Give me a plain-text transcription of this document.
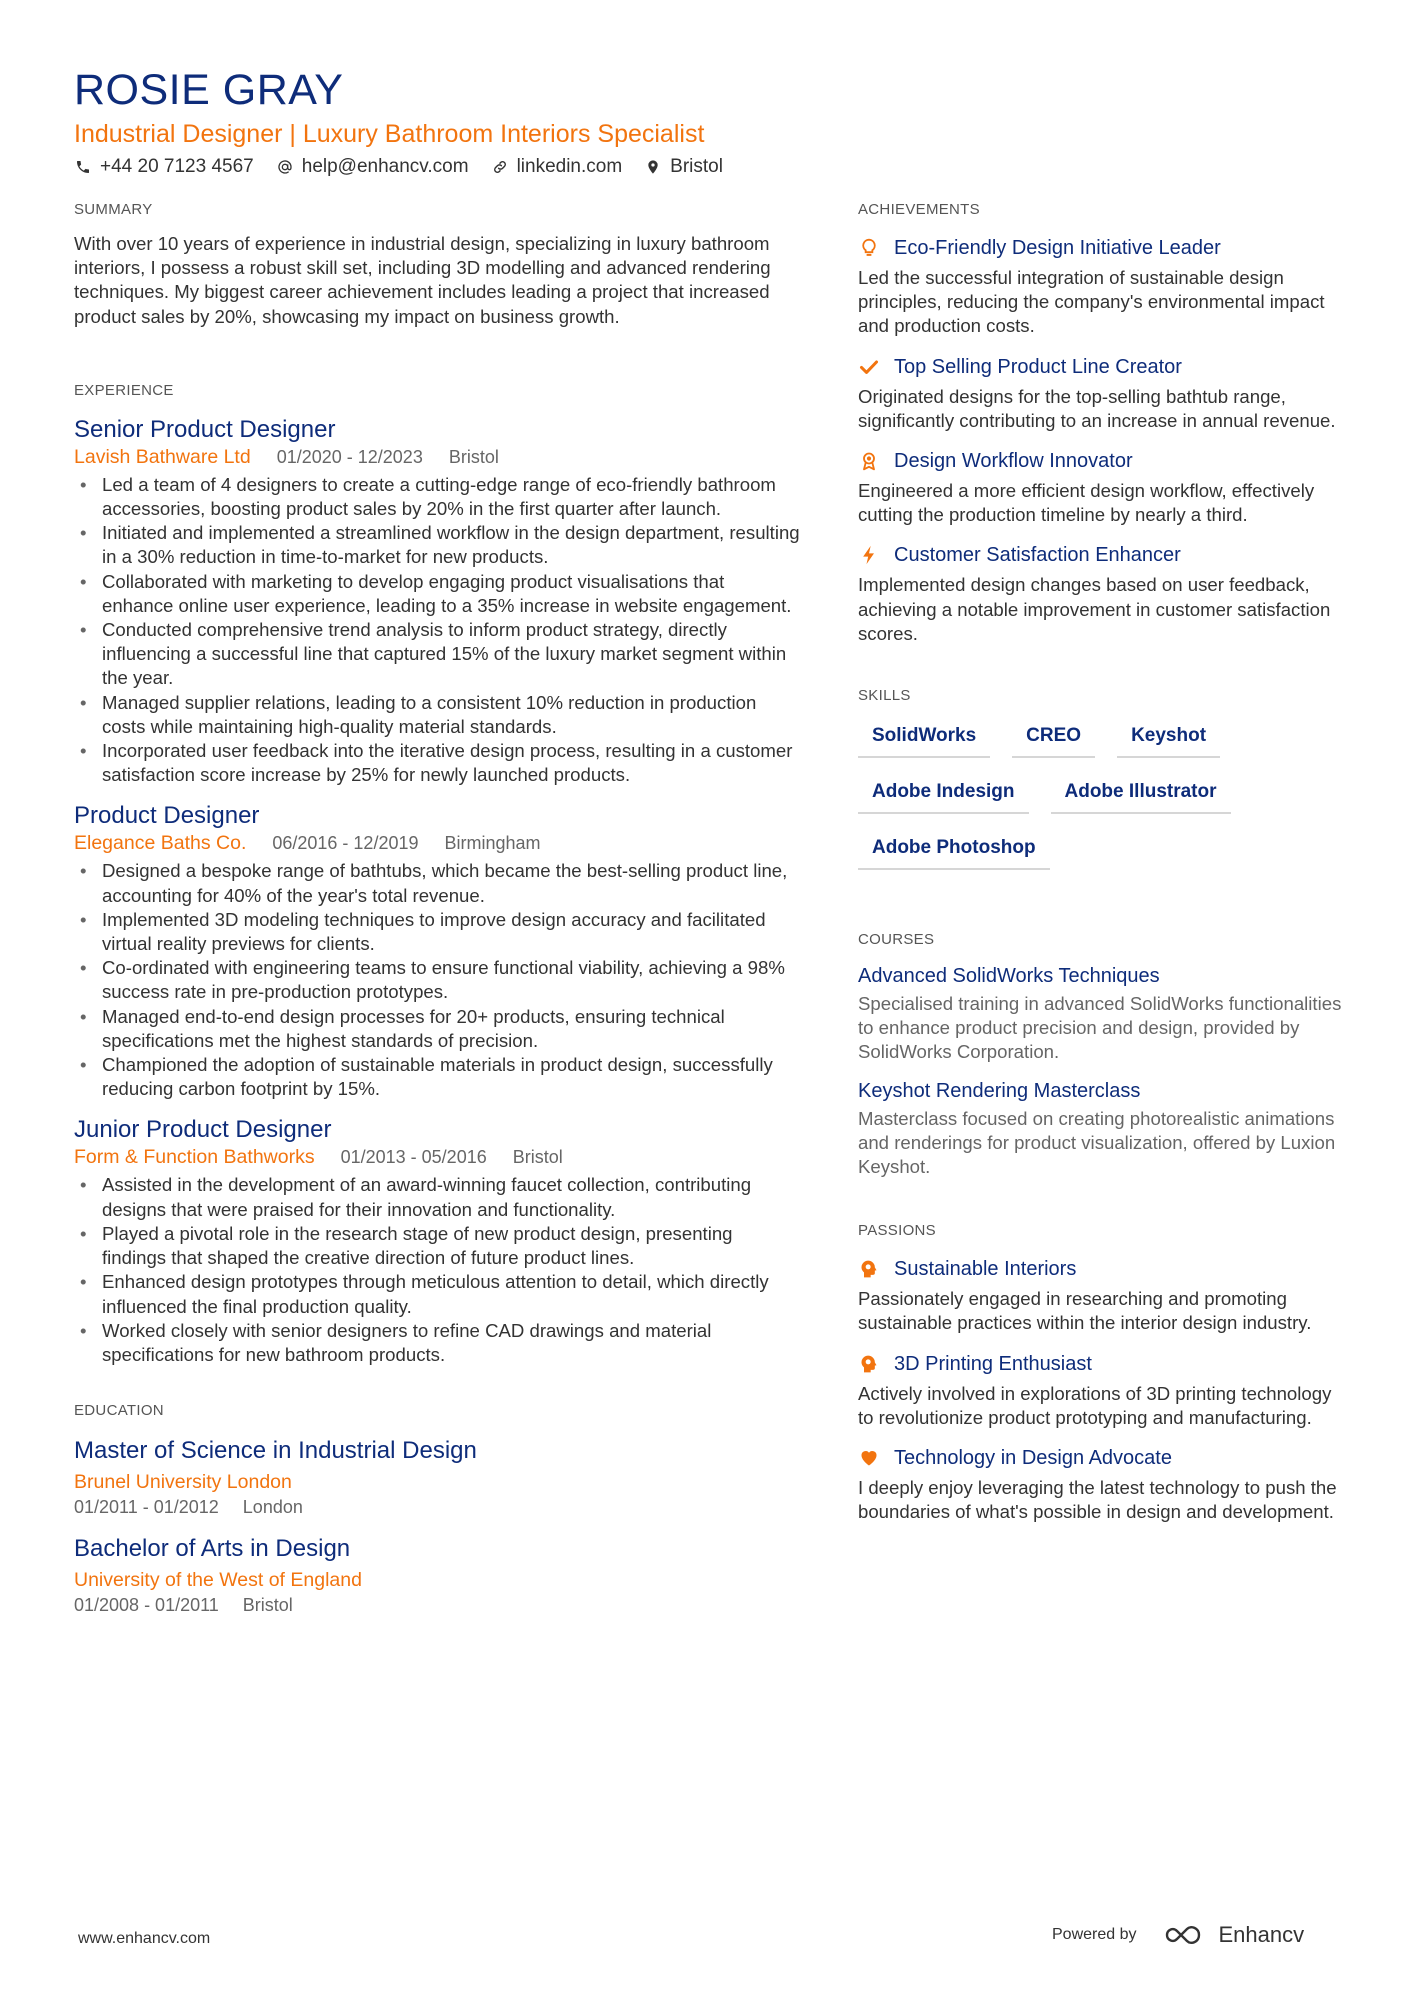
ROSIE GRAY
Industrial Designer | Luxury Bathroom Interiors Specialist
+44 20 7123 4567	help@enhancv.com	linkedin.com	Bristol
SUMMARY
With over 10 years of experience in industrial design, specializing in luxury bathroom interiors, I possess a robust skill set, including 3D modelling and advanced rendering techniques. My biggest career achievement includes leading a project that increased product sales by 20%, showcasing my impact on business growth.
EXPERIENCE
Senior Product Designer
Lavish Bathware Ltd 01/2020 - 12/2023 Bristol
• Led a team of 4 designers to create a cutting-edge range of eco-friendly bathroom accessories, boosting product sales by 20% in the first quarter after launch.
• Initiated and implemented a streamlined workflow in the design department, resulting in a 30% reduction in time-to-market for new products.
• Collaborated with marketing to develop engaging product visualisations that enhance online user experience, leading to a 35% increase in website engagement.
• Conducted comprehensive trend analysis to inform product strategy, directly influencing a successful line that captured 15% of the luxury market segment within the year.
• Managed supplier relations, leading to a consistent 10% reduction in production costs while maintaining high-quality material standards.
• Incorporated user feedback into the iterative design process, resulting in a customer satisfaction score increase by 25% for newly launched products.
Product Designer
Elegance Baths Co. 06/2016 - 12/2019 Birmingham
• Designed a bespoke range of bathtubs, which became the best-selling product line, accounting for 40% of the year's total revenue.
• Implemented 3D modeling techniques to improve design accuracy and facilitated virtual reality previews for clients.
• Co-ordinated with engineering teams to ensure functional viability, achieving a 98% success rate in pre-production prototypes.
• Managed end-to-end design processes for 20+ products, ensuring technical specifications met the highest standards of precision.
• Championed the adoption of sustainable materials in product design, successfully reducing carbon footprint by 15%.
Junior Product Designer
Form & Function Bathworks 01/2013 - 05/2016 Bristol
• Assisted in the development of an award-winning faucet collection, contributing designs that were praised for their innovation and functionality.
• Played a pivotal role in the research stage of new product design, presenting findings that shaped the creative direction of future product lines.
• Enhanced design prototypes through meticulous attention to detail, which directly influenced the final production quality.
• Worked closely with senior designers to refine CAD drawings and material specifications for new bathroom products.
EDUCATION
Master of Science in Industrial Design
Brunel University London
01/2011 - 01/2012 London
Bachelor of Arts in Design
University of the West of England
01/2008 - 01/2011 Bristol
ACHIEVEMENTS
Eco-Friendly Design Initiative Leader
Led the successful integration of sustainable design principles, reducing the company's environmental impact and production costs.
Top Selling Product Line Creator
Originated designs for the top-selling bathtub range, significantly contributing to an increase in annual revenue.
Design Workflow Innovator
Engineered a more efficient design workflow, effectively cutting the production timeline by nearly a third.
Customer Satisfaction Enhancer
Implemented design changes based on user feedback, achieving a notable improvement in customer satisfaction scores.
SKILLS
SolidWorks	CREO	Keyshot
Adobe Indesign	Adobe Illustrator
Adobe Photoshop
COURSES
Advanced SolidWorks Techniques
Specialised training in advanced SolidWorks functionalities to enhance product precision and design, provided by SolidWorks Corporation.
Keyshot Rendering Masterclass
Masterclass focused on creating photorealistic animations and renderings for product visualization, offered by Luxion Keyshot.
PASSIONS
Sustainable Interiors
Passionately engaged in researching and promoting sustainable practices within the interior design industry.
3D Printing Enthusiast
Actively involved in explorations of 3D printing technology to revolutionize product prototyping and manufacturing.
Technology in Design Advocate
I deeply enjoy leveraging the latest technology to push the boundaries of what's possible in design and development.
www.enhancv.com	Powered by	Enhancv
